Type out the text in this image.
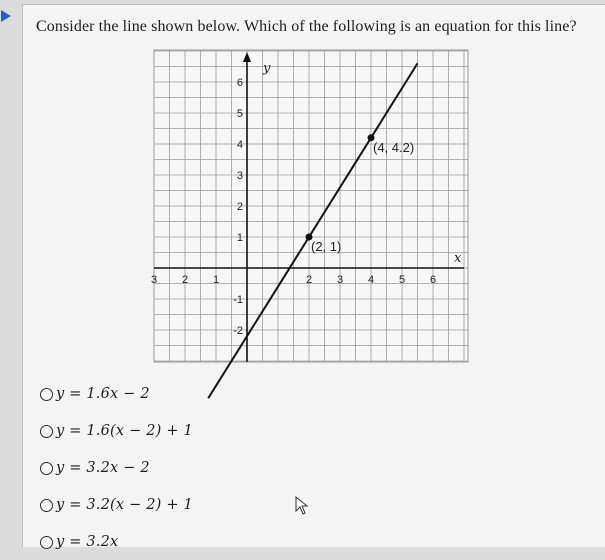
Consider the line shown below. Which of the following is an equation for this line?
x
y
3 2 1	2 3 4 5 6
6
5
4
3
2
1
-1
-2
(2, 1)
(4, 4.2)
y = 1.6x − 2
y = 1.6(x − 2) + 1
y = 3.2x − 2
y = 3.2(x − 2) + 1
y = 3.2x
